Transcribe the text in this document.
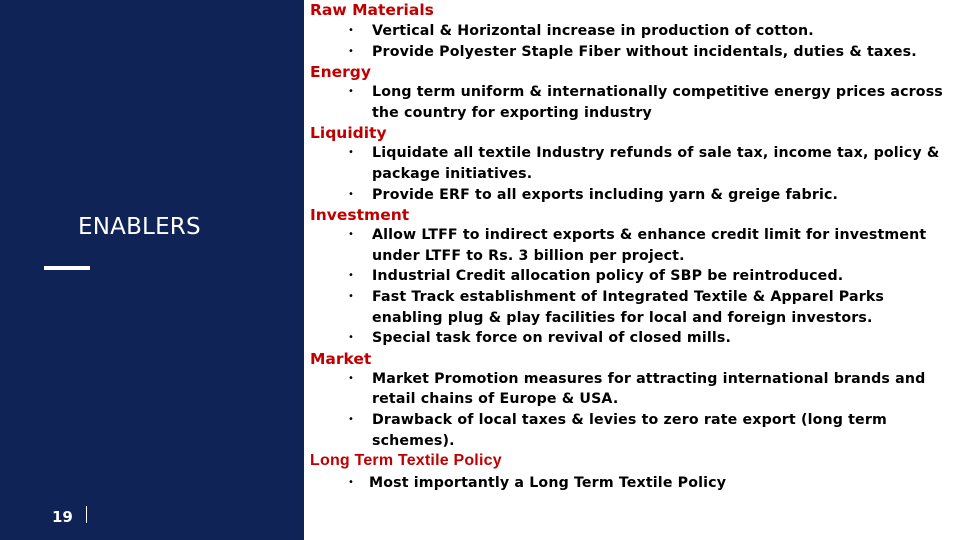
ENABLERS
19
Raw Materials
• Vertical & Horizontal increase in production of cotton.
• Provide Polyester Staple Fiber without incidentals, duties & taxes.
Energy
• Long term uniform & internationally competitive energy prices across the country for exporting industry
Liquidity
• Liquidate all textile Industry refunds of sale tax, income tax, policy & package initiatives.
• Provide ERF to all exports including yarn & greige fabric.
Investment
• Allow LTFF to indirect exports & enhance credit limit for investment under LTFF to Rs. 3 billion per project.
• Industrial Credit allocation policy of SBP be reintroduced.
• Fast Track establishment of Integrated Textile & Apparel Parks enabling plug & play facilities for local and foreign investors.
• Special task force on revival of closed mills.
Market
• Market Promotion measures for attracting international brands and retail chains of Europe & USA.
• Drawback of local taxes & levies to zero rate export (long term schemes).
Long Term Textile Policy
• Most importantly a Long Term Textile Policy
